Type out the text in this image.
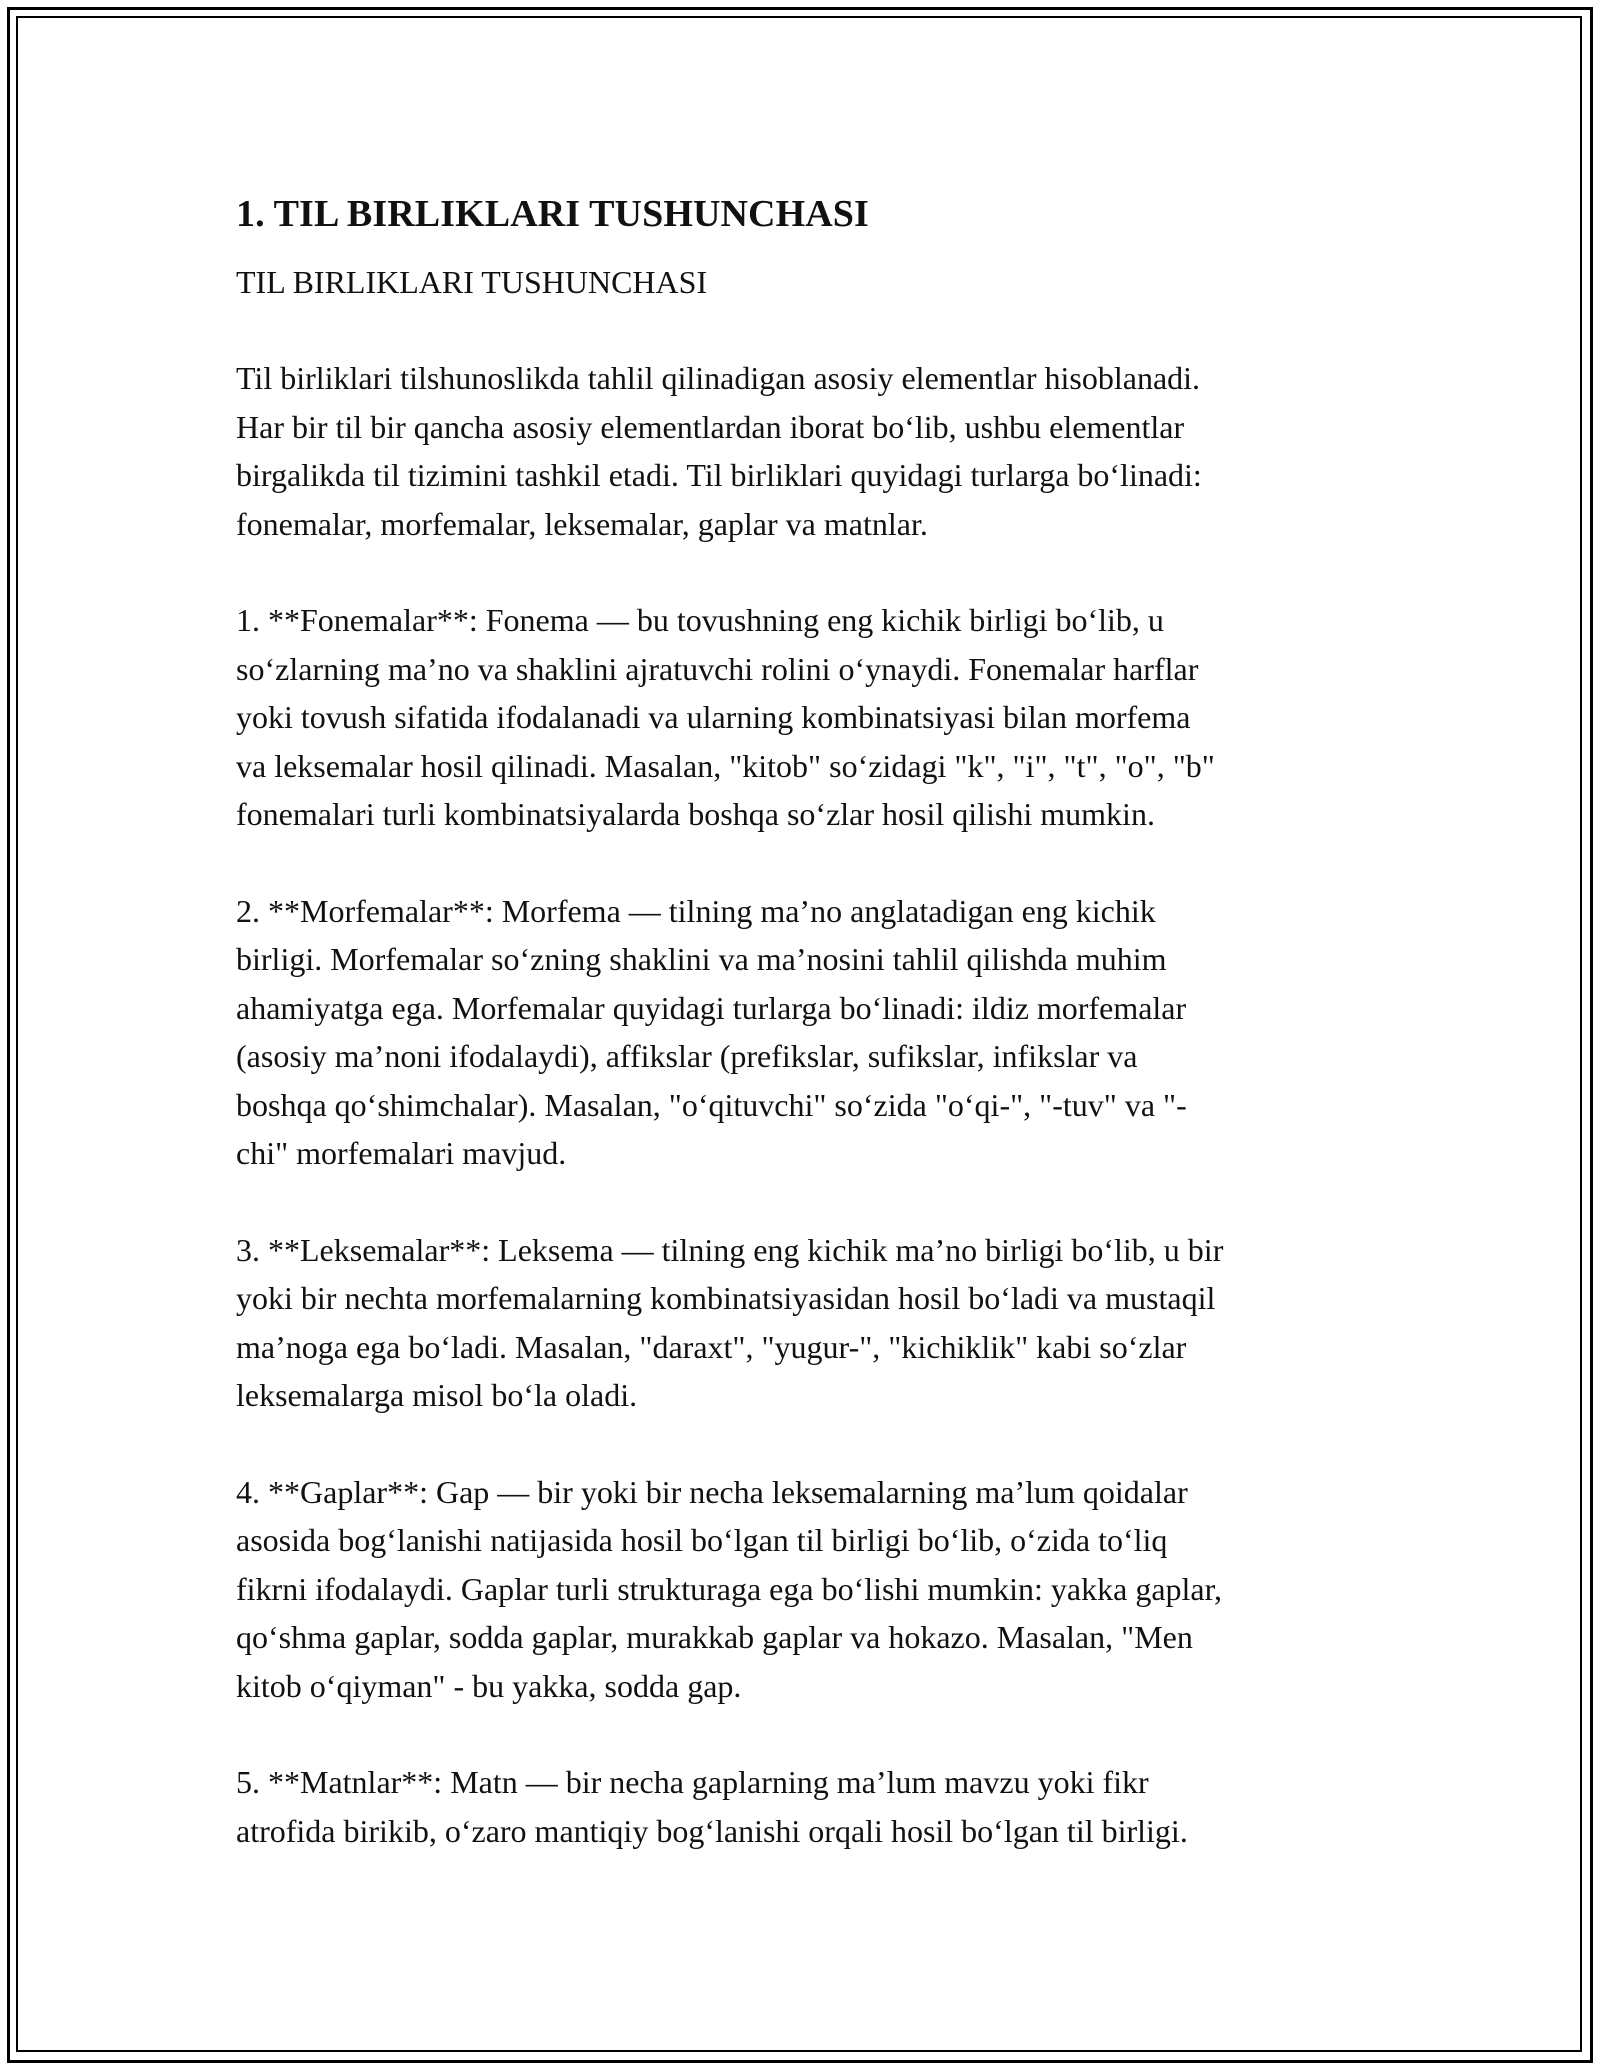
1. TIL BIRLIKLARI TUSHUNCHASI
TIL BIRLIKLARI TUSHUNCHASI
Til birliklari tilshunoslikda tahlil qilinadigan asosiy elementlar hisoblanadi.
Har bir til bir qancha asosiy elementlardan iborat bo‘lib, ushbu elementlar
birgalikda til tizimini tashkil etadi. Til birliklari quyidagi turlarga bo‘linadi:
fonemalar, morfemalar, leksemalar, gaplar va matnlar.
1. **Fonemalar**: Fonema — bu tovushning eng kichik birligi bo‘lib, u
so‘zlarning ma’no va shaklini ajratuvchi rolini o‘ynaydi. Fonemalar harflar
yoki tovush sifatida ifodalanadi va ularning kombinatsiyasi bilan morfema
va leksemalar hosil qilinadi. Masalan, "kitob" so‘zidagi "k", "i", "t", "o", "b"
fonemalari turli kombinatsiyalarda boshqa so‘zlar hosil qilishi mumkin.
2. **Morfemalar**: Morfema — tilning ma’no anglatadigan eng kichik
birligi. Morfemalar so‘zning shaklini va ma’nosini tahlil qilishda muhim
ahamiyatga ega. Morfemalar quyidagi turlarga bo‘linadi: ildiz morfemalar
(asosiy ma’noni ifodalaydi), affikslar (prefikslar, sufikslar, infikslar va
boshqa qo‘shimchalar). Masalan, "o‘qituvchi" so‘zida "o‘qi-", "-tuv" va "-
chi" morfemalari mavjud.
3. **Leksemalar**: Leksema — tilning eng kichik ma’no birligi bo‘lib, u bir
yoki bir nechta morfemalarning kombinatsiyasidan hosil bo‘ladi va mustaqil
ma’noga ega bo‘ladi. Masalan, "daraxt", "yugur-", "kichiklik" kabi so‘zlar
leksemalarga misol bo‘la oladi.
4. **Gaplar**: Gap — bir yoki bir necha leksemalarning ma’lum qoidalar
asosida bog‘lanishi natijasida hosil bo‘lgan til birligi bo‘lib, o‘zida to‘liq
fikrni ifodalaydi. Gaplar turli strukturaga ega bo‘lishi mumkin: yakka gaplar,
qo‘shma gaplar, sodda gaplar, murakkab gaplar va hokazo. Masalan, "Men
kitob o‘qiyman" - bu yakka, sodda gap.
5. **Matnlar**: Matn — bir necha gaplarning ma’lum mavzu yoki fikr
atrofida birikib, o‘zaro mantiqiy bog‘lanishi orqali hosil bo‘lgan til birligi.
